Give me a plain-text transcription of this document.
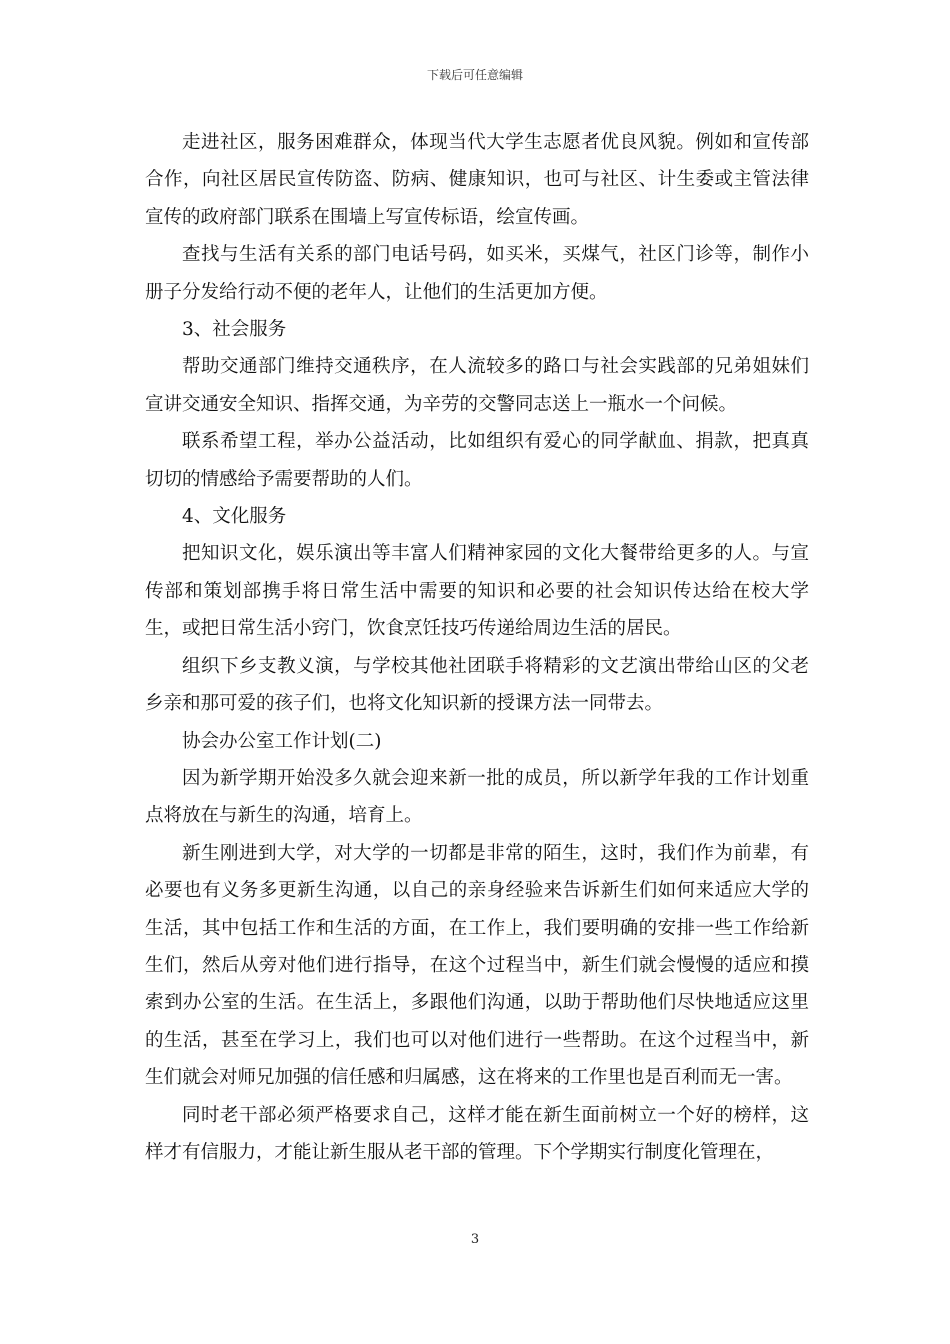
下载后可任意编辑

走进社区，服务困难群众，体现当代大学生志愿者优良风貌。例如和宣传部合作，向社区居民宣传防盗、防病、健康知识，也可与社区、计生委或主管法律宣传的政府部门联系在围墙上写宣传标语，绘宣传画。

查找与生活有关系的部门电话号码，如买米，买煤气，社区门诊等，制作小册子分发给行动不便的老年人，让他们的生活更加方便。

3、社会服务

帮助交通部门维持交通秩序，在人流较多的路口与社会实践部的兄弟姐妹们宣讲交通安全知识、指挥交通，为辛劳的交警同志送上一瓶水一个问候。

联系希望工程，举办公益活动，比如组织有爱心的同学献血、捐款，把真真切切的情感给予需要帮助的人们。

4、文化服务

把知识文化，娱乐演出等丰富人们精神家园的文化大餐带给更多的人。与宣传部和策划部携手将日常生活中需要的知识和必要的社会知识传达给在校大学生，或把日常生活小窍门，饮食烹饪技巧传递给周边生活的居民。

组织下乡支教义演，与学校其他社团联手将精彩的文艺演出带给山区的父老乡亲和那可爱的孩子们，也将文化知识新的授课方法一同带去。

协会办公室工作计划(二)

因为新学期开始没多久就会迎来新一批的成员，所以新学年我的工作计划重点将放在与新生的沟通，培育上。

新生刚进到大学，对大学的一切都是非常的陌生，这时，我们作为前辈，有必要也有义务多更新生沟通，以自己的亲身经验来告诉新生们如何来适应大学的生活，其中包括工作和生活的方面，在工作上，我们要明确的安排一些工作给新生们，然后从旁对他们进行指导，在这个过程当中，新生们就会慢慢的适应和摸索到办公室的生活。在生活上，多跟他们沟通，以助于帮助他们尽快地适应这里的生活，甚至在学习上，我们也可以对他们进行一些帮助。在这个过程当中，新生们就会对师兄加强的信任感和归属感，这在将来的工作里也是百利而无一害。

同时老干部必须严格要求自己，这样才能在新生面前树立一个好的榜样，这样才有信服力，才能让新生服从老干部的管理。下个学期实行制度化管理在，

3
